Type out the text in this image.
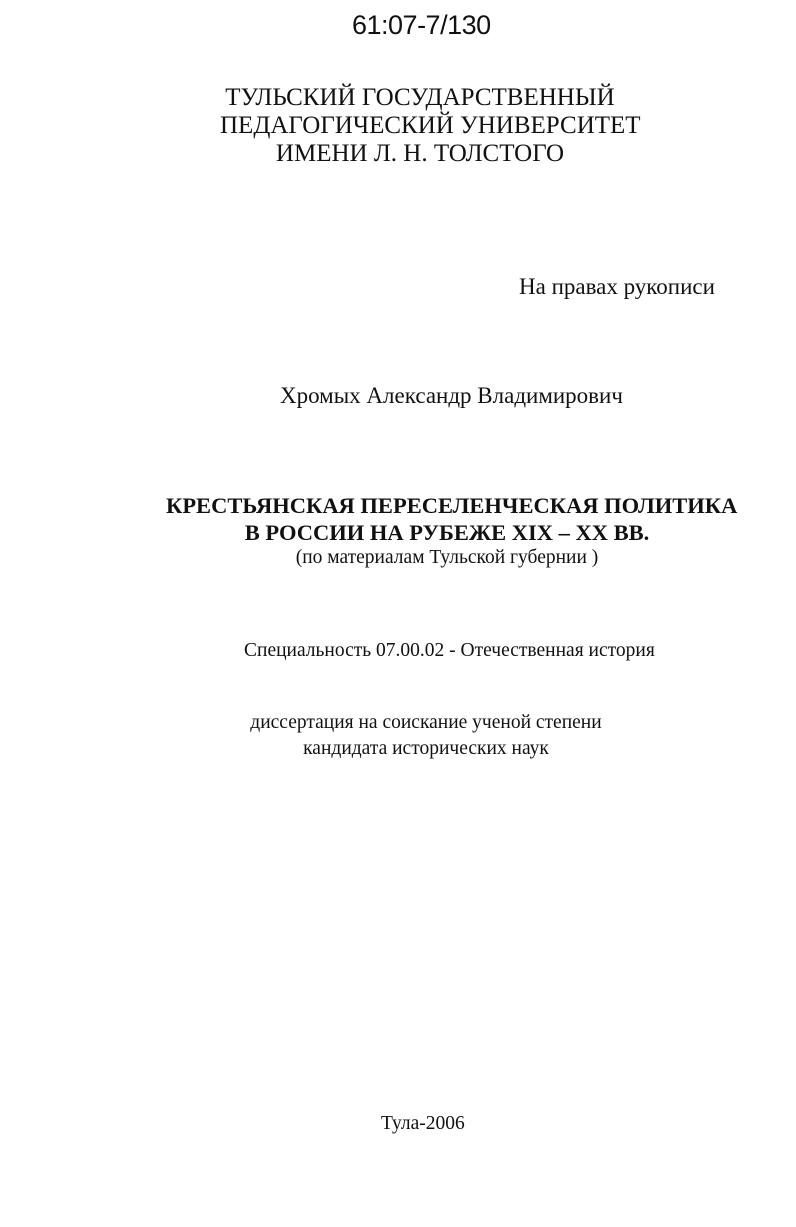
61:07-7/130
ТУЛЬСКИЙ ГОСУДАРСТВЕННЫЙ
ПЕДАГОГИЧЕСКИЙ УНИВЕРСИТЕТ
ИМЕНИ Л. Н. ТОЛСТОГО
На правах рукописи
Хромых Александр Владимирович
КРЕСТЬЯНСКАЯ ПЕРЕСЕЛЕНЧЕСКАЯ ПОЛИТИКА
В РОССИИ НА РУБЕЖЕ XIX – XX ВВ.
(по материалам Тульской губернии )
Специальность 07.00.02 - Отечественная история
диссертация на соискание ученой степени
кандидата исторических наук
Тула-2006
